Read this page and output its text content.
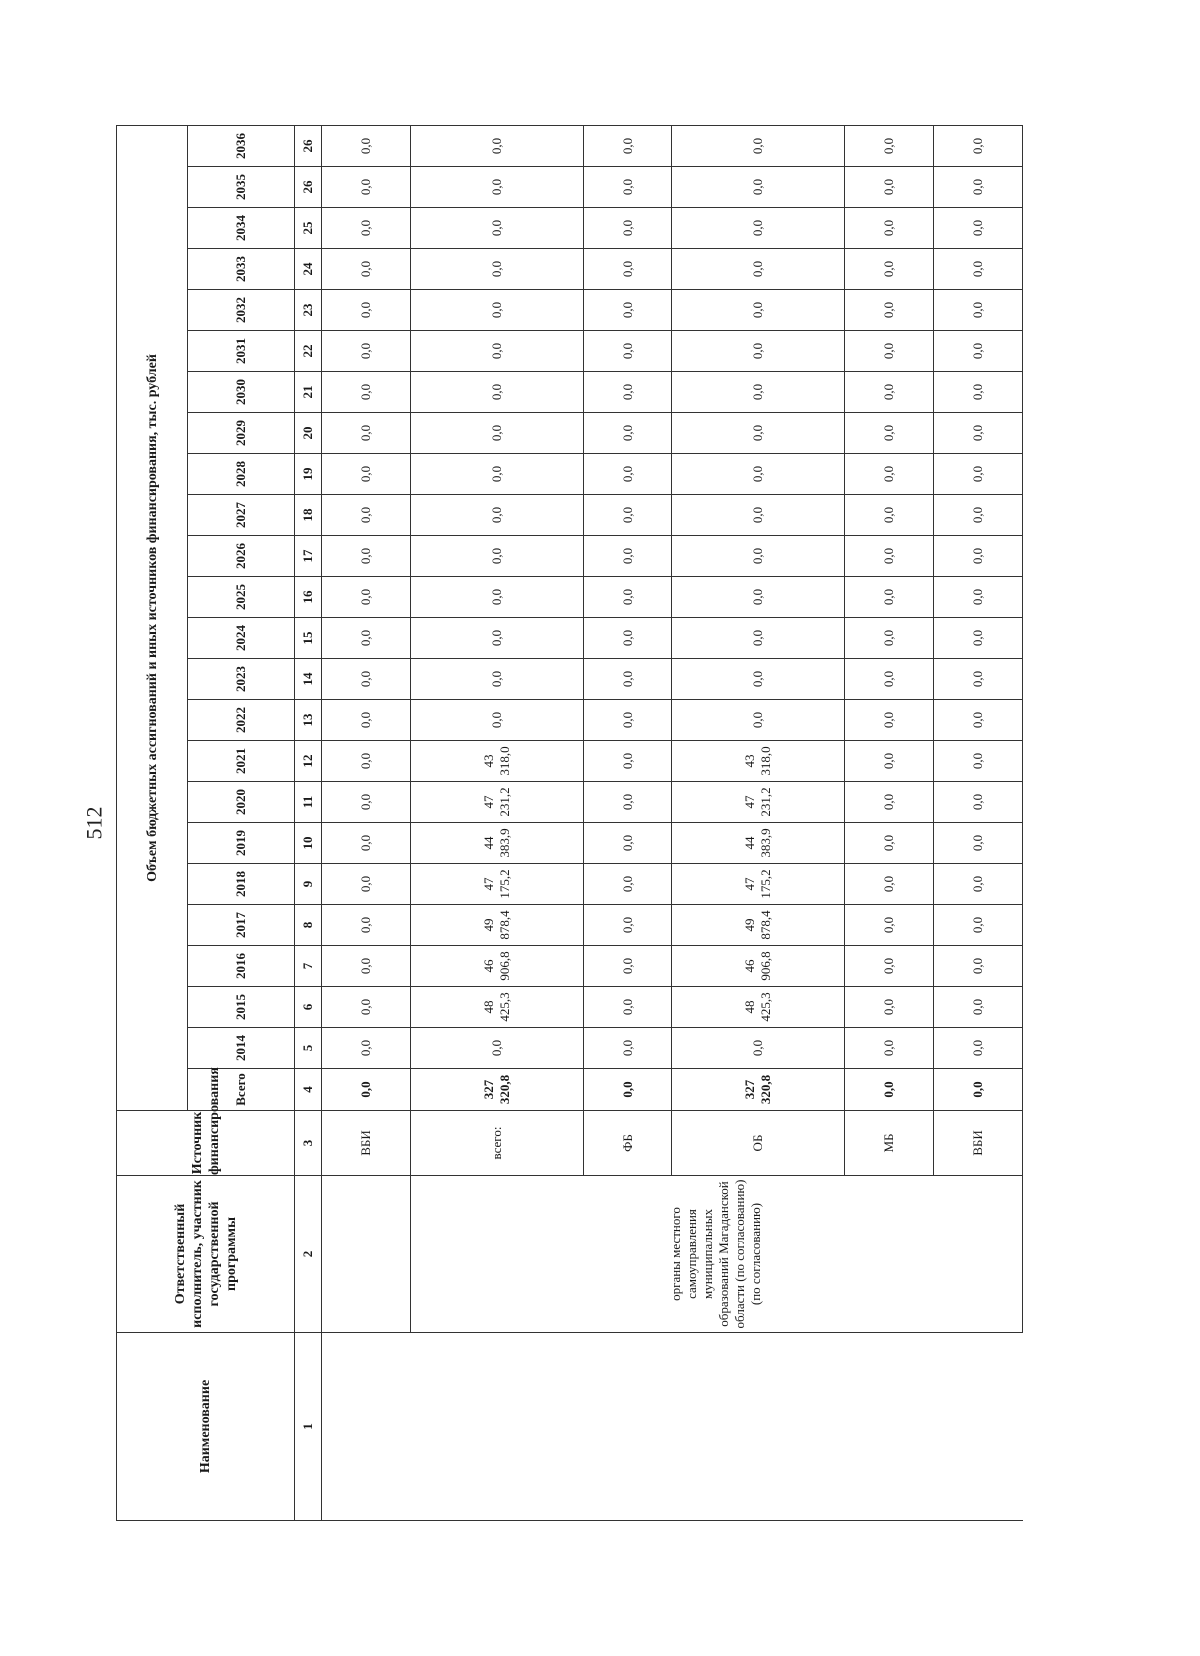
512
Наименование	Ответственный исполнитель, участник государственной программы	Источник финансирования	Объем бюджетных ассигнований и иных источников финансирования, тыс. рублей																							
			Всего	2014	2015	2016	2017	2018	2019	2020	2021	2022	2023	2024	2025	2026	2027	2028	2029	2030	2031	2032	2033	2034	2035	2036
1	2	3	4	5	6	7	8	9	10	11	12	13	14	15	16	17	18	19	20	21	22	23	24	25	26	26
		ВБИ	0,0	0,0	0,0	0,0	0,0	0,0	0,0	0,0	0,0	0,0	0,0	0,0	0,0	0,0	0,0	0,0	0,0	0,0	0,0	0,0	0,0	0,0	0,0	0,0
	органы местного самоуправления муниципальных образований Магаданской области (по согласованию) (по согласованию)	всего:	327 320,8	0,0	48 425,3	46 906,8	49 878,4	47 175,2	44 383,9	47 231,2	43 318,0	0,0	0,0	0,0	0,0	0,0	0,0	0,0	0,0	0,0	0,0	0,0	0,0	0,0	0,0	0,0
		ФБ	0,0	0,0	0,0	0,0	0,0	0,0	0,0	0,0	0,0	0,0	0,0	0,0	0,0	0,0	0,0	0,0	0,0	0,0	0,0	0,0	0,0	0,0	0,0	0,0
		ОБ	327 320,8	0,0	48 425,3	46 906,8	49 878,4	47 175,2	44 383,9	47 231,2	43 318,0	0,0	0,0	0,0	0,0	0,0	0,0	0,0	0,0	0,0	0,0	0,0	0,0	0,0	0,0	0,0
		МБ	0,0	0,0	0,0	0,0	0,0	0,0	0,0	0,0	0,0	0,0	0,0	0,0	0,0	0,0	0,0	0,0	0,0	0,0	0,0	0,0	0,0	0,0	0,0	0,0
		ВБИ	0,0	0,0	0,0	0,0	0,0	0,0	0,0	0,0	0,0	0,0	0,0	0,0	0,0	0,0	0,0	0,0	0,0	0,0	0,0	0,0	0,0	0,0	0,0	0,0
